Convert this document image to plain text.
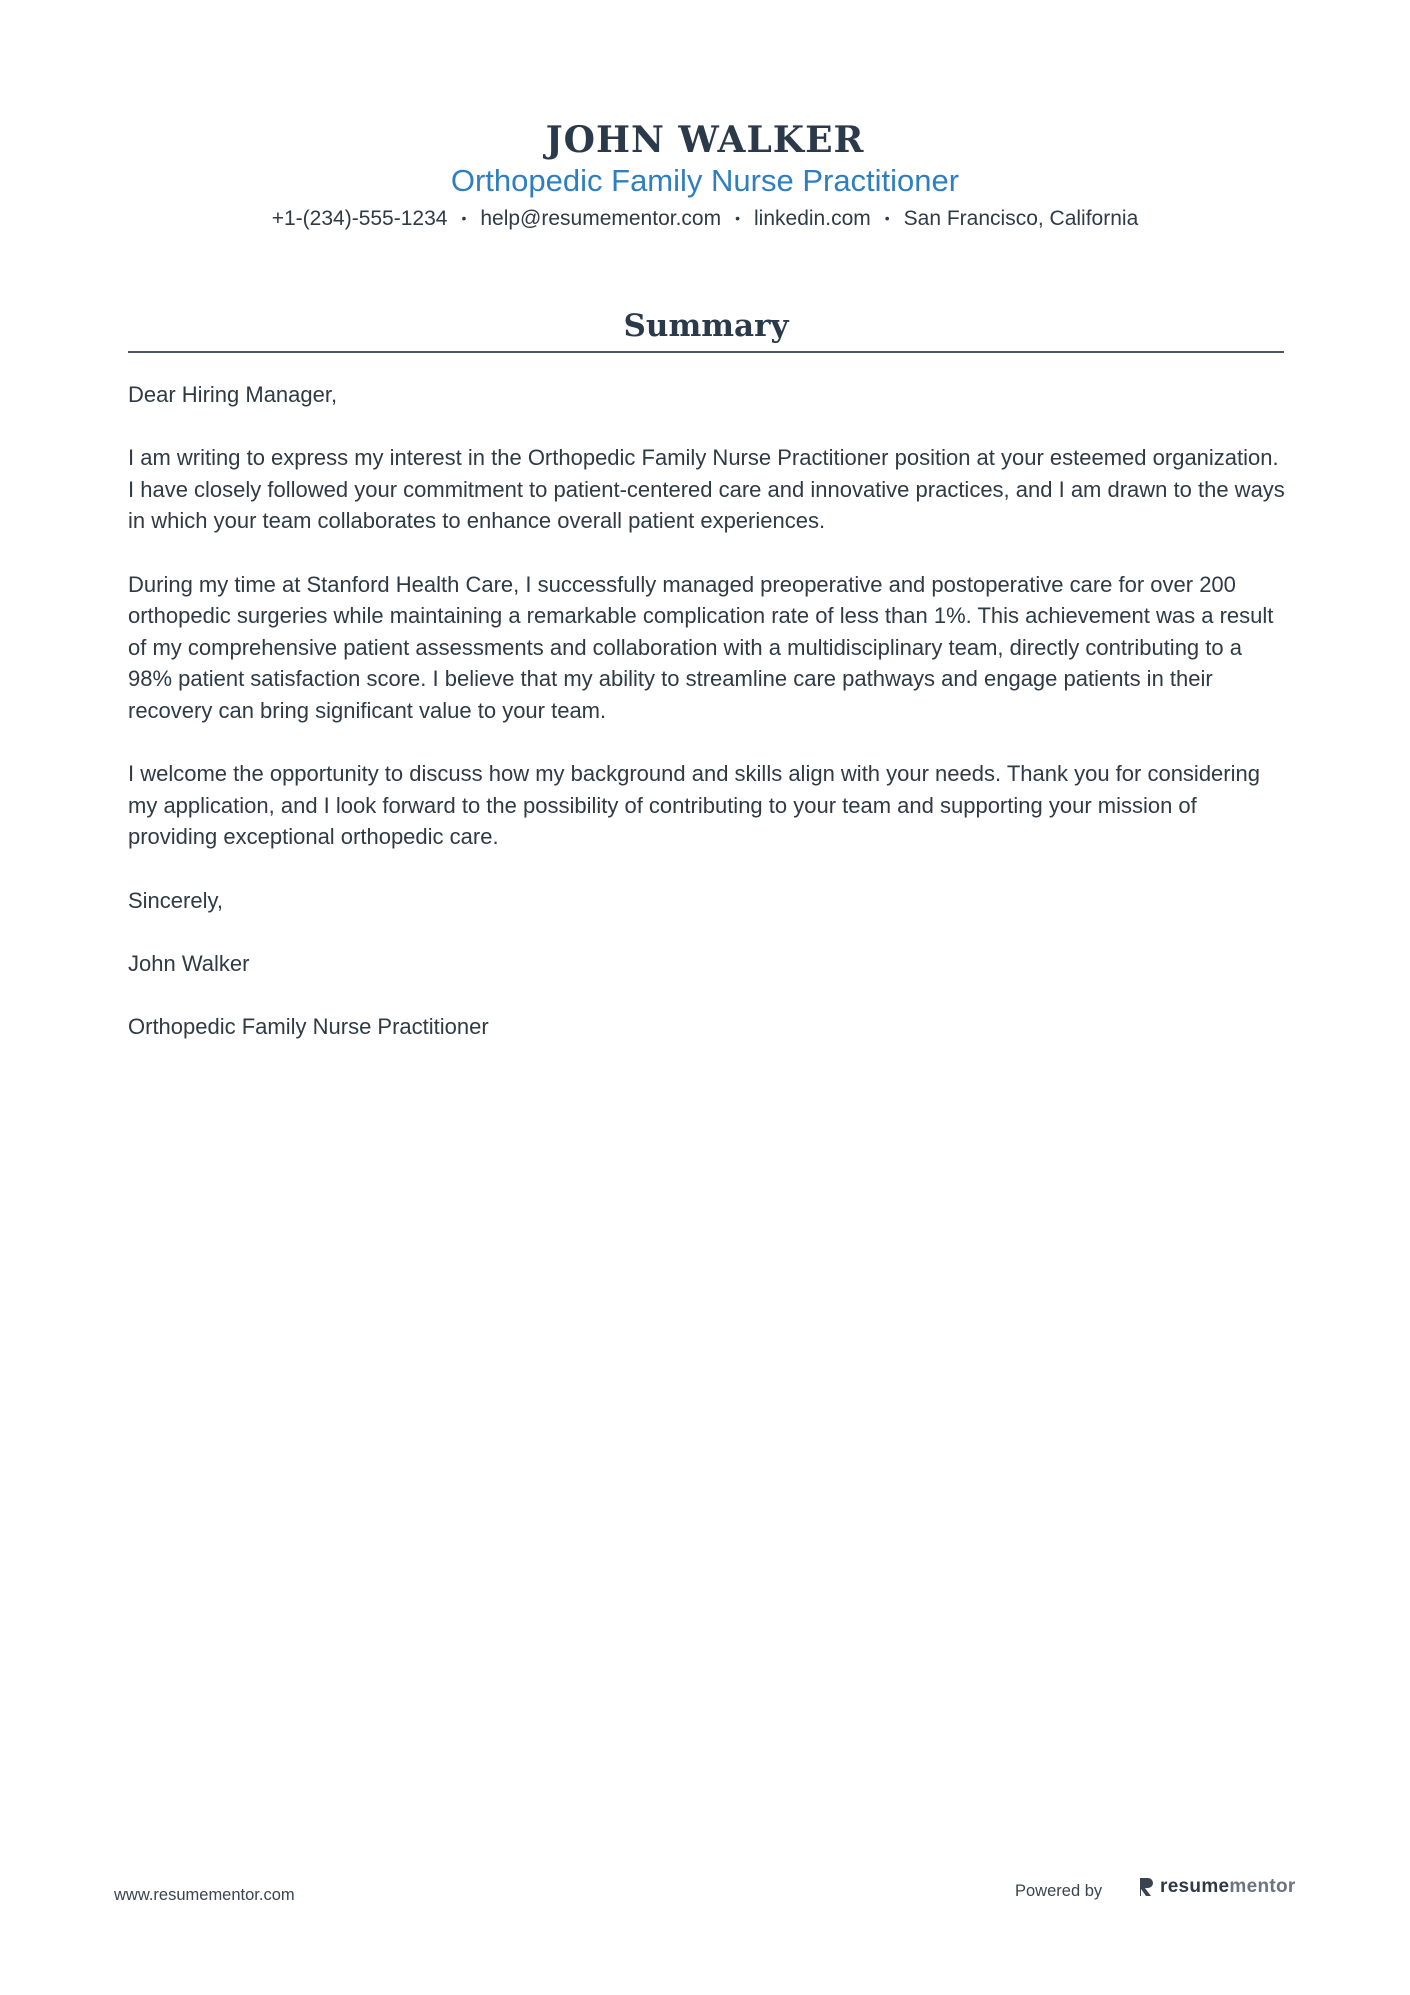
JOHN WALKER
Orthopedic Family Nurse Practitioner
+1-(234)-555-1234 • help@resumementor.com • linkedin.com • San Francisco, California
Summary

Dear Hiring Manager,

I am writing to express my interest in the Orthopedic Family Nurse Practitioner position at your esteemed organization. I have closely followed your commitment to patient-centered care and innovative practices, and I am drawn to the ways in which your team collaborates to enhance overall patient experiences.

During my time at Stanford Health Care, I successfully managed preoperative and postoperative care for over 200 orthopedic surgeries while maintaining a remarkable complication rate of less than 1%. This achievement was a result of my comprehensive patient assessments and collaboration with a multidisciplinary team, directly contributing to a 98% patient satisfaction score. I believe that my ability to streamline care pathways and engage patients in their recovery can bring significant value to your team.

I welcome the opportunity to discuss how my background and skills align with your needs. Thank you for considering my application, and I look forward to the possibility of contributing to your team and supporting your mission of providing exceptional orthopedic care.

Sincerely,

John Walker

Orthopedic Family Nurse Practitioner

www.resumementor.com	Powered by	resumementor
